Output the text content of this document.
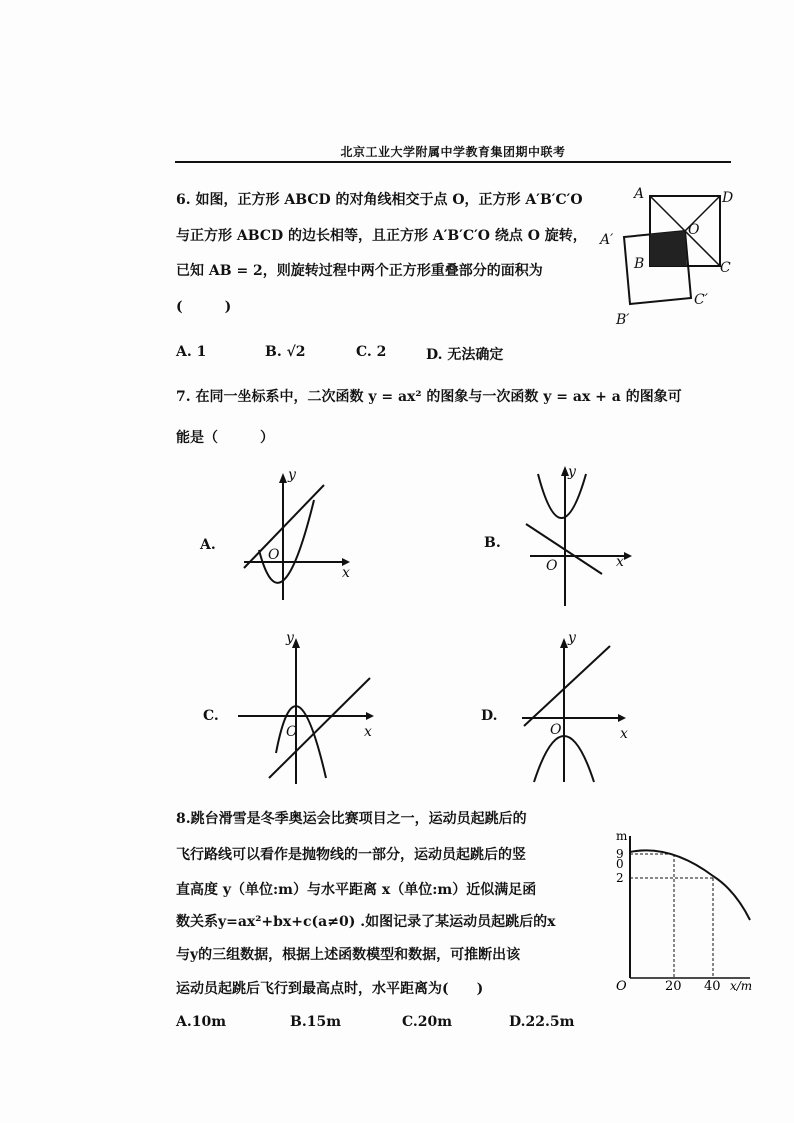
北京工业大学附属中学教育集团期中联考
6. 如图，正方形 ABCD 的对角线相交于点 O，正方形 A′B′C′O
与正方形 ABCD 的边长相等，且正方形 A′B′C′O 绕点 O 旋转，
已知 AB = 2，则旋转过程中两个正方形重叠部分的面积为
(　　　)
A. 1	B. √2	C. 2	D. 无法确定
A	D
B	C
O
A′
B′
C′
7. 在同一坐标系中，二次函数 y = ax² 的图象与一次函数 y = ax + a 的图象可
能是（　　　）
A.	B.
C.	D.
y
x
O
y
x
O
y
x
O
y
x
O
8.跳台滑雪是冬季奥运会比赛项目之一，运动员起跳后的
飞行路线可以看作是抛物线的一部分，运动员起跳后的竖
直高度 y（单位:m）与水平距离 x（单位:m）近似满足函
数关系y=ax²+bx+c(a≠0) .如图记录了某运动员起跳后的x
与y的三组数据，根据上述函数模型和数据，可推断出该
运动员起跳后飞行到最高点时，水平距离为(　　)
A.10m	B.15m	C.20m	D.22.5m
m
9
0
2
O	20 40 x/m
